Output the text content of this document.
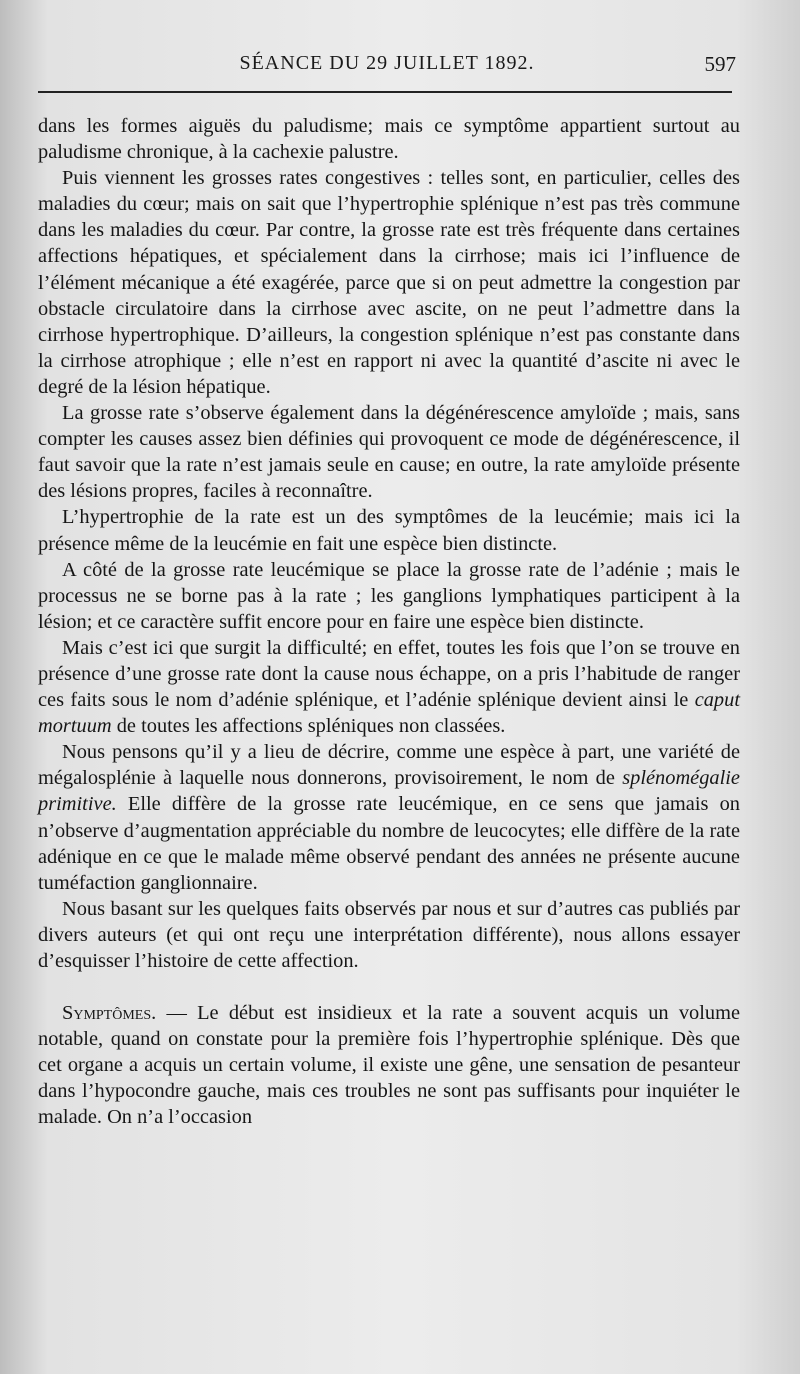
SÉANCE DU 29 JUILLET 1892.	597

dans les formes aiguës du paludisme; mais ce symptôme appartient surtout au paludisme chronique, à la cachexie palustre.

Puis viennent les grosses rates congestives : telles sont, en particulier, celles des maladies du cœur; mais on sait que l’hypertrophie splénique n’est pas très commune dans les maladies du cœur. Par contre, la grosse rate est très fréquente dans certaines affections hépatiques, et spécialement dans la cirrhose; mais ici l’influence de l’élément mécanique a été exagérée, parce que si on peut admettre la congestion par obstacle circulatoire dans la cirrhose avec ascite, on ne peut l’admettre dans la cirrhose hypertrophique. D’ailleurs, la congestion splénique n’est pas constante dans la cirrhose atrophique ; elle n’est en rapport ni avec la quantité d’ascite ni avec le degré de la lésion hépatique.

La grosse rate s’observe également dans la dégénérescence amyloïde ; mais, sans compter les causes assez bien définies qui provoquent ce mode de dégénérescence, il faut savoir que la rate n’est jamais seule en cause; en outre, la rate amyloïde présente des lésions propres, faciles à reconnaître.

L’hypertrophie de la rate est un des symptômes de la leucémie; mais ici la présence même de la leucémie en fait une espèce bien distincte.

A côté de la grosse rate leucémique se place la grosse rate de l’adénie ; mais le processus ne se borne pas à la rate ; les ganglions lymphatiques participent à la lésion; et ce caractère suffit encore pour en faire une espèce bien distincte.

Mais c’est ici que surgit la difficulté; en effet, toutes les fois que l’on se trouve en présence d’une grosse rate dont la cause nous échappe, on a pris l’habitude de ranger ces faits sous le nom d’adénie splénique, et l’adénie splénique devient ainsi le caput mortuum de toutes les affections spléniques non classées.

Nous pensons qu’il y a lieu de décrire, comme une espèce à part, une variété de mégalosplénie à laquelle nous donnerons, provisoirement, le nom de splénomégalie primitive. Elle diffère de la grosse rate leucémique, en ce sens que jamais on n’observe d’augmentation appréciable du nombre de leucocytes; elle diffère de la rate adénique en ce que le malade même observé pendant des années ne présente aucune tuméfaction ganglionnaire.

Nous basant sur les quelques faits observés par nous et sur d’autres cas publiés par divers auteurs (et qui ont reçu une interprétation différente), nous allons essayer d’esquisser l’histoire de cette affection.

Symptômes. — Le début est insidieux et la rate a souvent acquis un volume notable, quand on constate pour la première fois l’hypertrophie splénique. Dès que cet organe a acquis un certain volume, il existe une gêne, une sensation de pesanteur dans l’hypocondre gauche, mais ces troubles ne sont pas suffisants pour inquiéter le malade. On n’a l’occasion
